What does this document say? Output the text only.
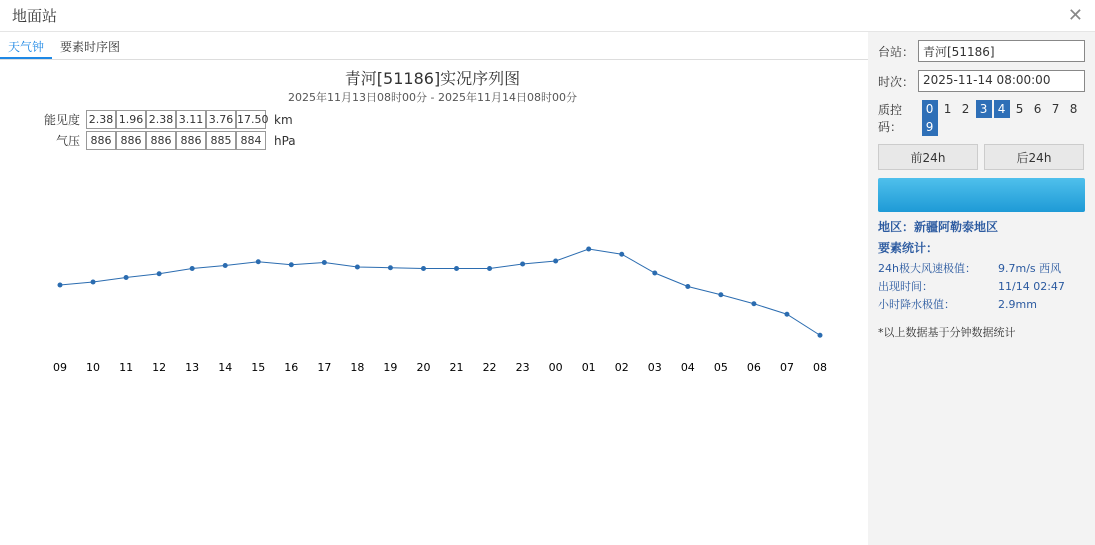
地面站	✕
天气钟	要素时序图
青河[51186]实况序列图
2025年11月13日08时00分 - 2025年11月14日08时00分
能见度 2.38 1.96 2.38 3.11 3.76 17.50 km
气压 886 886 886 886 885 884	hPa
09 10 11 12 13 14 15 16 17 18 19 20 21 22 23 00 01 02 03 04 05 06 07 08
台站： 青河[51186]
时次： 2025-11-14 08:00:00
质控码：
0 1 2 3 4 5 6 7 89
前24h	后24h
地区：新疆阿勒泰地区
要素统计：
24h极大风速极值：	9.7m/s 西风
出现时间：	11/14 02:47
小时降水极值：	2.9mm
*以上数据基于分钟数据统计
